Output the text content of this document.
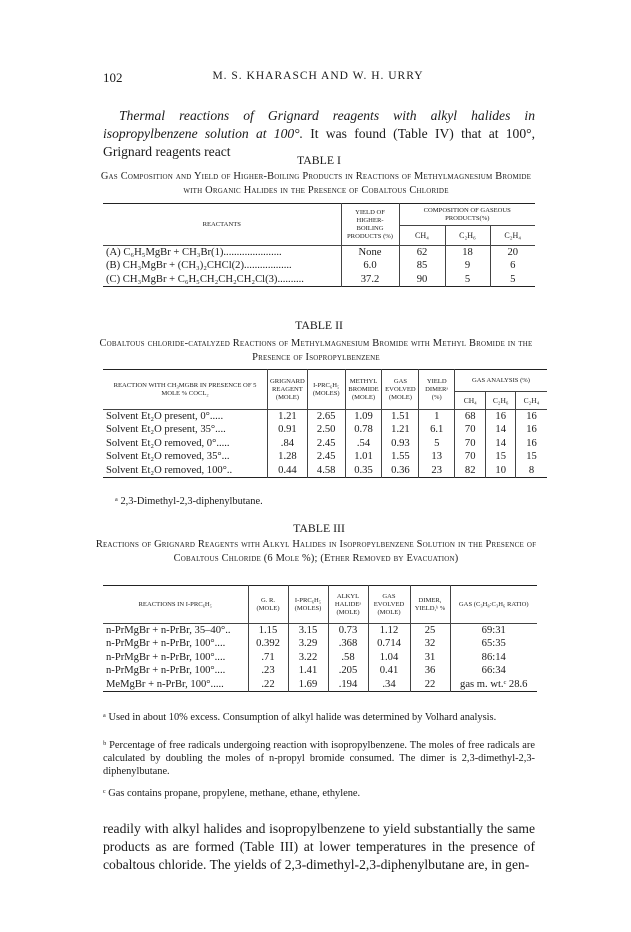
102	M. S. KHARASCH AND W. H. URRY
Thermal reactions of Grignard reagents with alkyl halides in isopropylbenzene solution at 100°. It was found (Table IV) that at 100°, Grignard reagents react
TABLE I
Gas Composition and Yield of Higher-Boiling Products in Reactions of Methylmagnesium Bromide with Organic Halides in the Presence of Cobaltous Chloride
REACTANTS	YIELD OF HIGHER-BOILING PRODUCTS (%)	COMPOSITION OF GASEOUS PRODUCTS(%)		
		CH₄	C₂H₆	C₂H₄
(A) C₆H₅MgBr + CH₃Br(1)......................	None	62	18	20
(B) CH₃MgBr + (CH₃)₂CHCl(2)..................	6.0	85	9	6
(C) CH₃MgBr + C₆H₅CH₂CH₂CH₂Cl(3)..........	37.2	90	5	5
TABLE II
Cobaltous chloride-catalyzed Reactions of Methylmagnesium Bromide with Methyl Bromide in the Presence of Isopropylbenzene
REACTION WITH CH₃MGBR IN PRESENCE OF 5 MOLE % COCL₂	GRIGNARD REAGENT (MOLE)	I-PRC₆H₅ (MOLES)	METHYL BROMIDE (MOLE)	GAS EVOLVED (MOLE)	YIELD DIMERᵃ (%)	GAS ANALYSIS (%)		
						CH₄	C₂H₆	C₂H₄
Solvent Et₂O present, 0°.....	1.21	2.65	1.09	1.51	1	68	16	16
Solvent Et₂O present, 35°....	0.91	2.50	0.78	1.21	6.1	70	14	16
Solvent Et₂O removed, 0°.....	.84	2.45	.54	0.93	5	70	14	16
Solvent Et₂O removed, 35°...	1.28	2.45	1.01	1.55	13	70	15	15
Solvent Et₂O removed, 100°..	0.44	4.58	0.35	0.36	23	82	10	8
ᵃ 2,3-Dimethyl-2,3-diphenylbutane.
TABLE III
Reactions of Grignard Reagents with Alkyl Halides in Isopropylbenzene Solution in the Presence of Cobaltous Chloride (6 Mole %); (Ether Removed by Evacuation)
REACTIONS IN I-PRC₆H₅	G. R. (MOLE)	I-PRC₆H₅ (MOLES)	ALKYL HALIDEᵃ (MOLE)	GAS EVOLVED (MOLE)	DIMER, YIELD,ᵇ %	GAS (C₃H₈:C₃H₆ RATIO)
n-PrMgBr + n-PrBr, 35–40°..	1.15	3.15	0.73	1.12	25	69:31
n-PrMgBr + n-PrBr, 100°....	0.392	3.29	.368	0.714	32	65:35
n-PrMgBr + n-PrBr, 100°....	.71	3.22	.58	1.04	31	86:14
n-PrMgBr + n-PrBr, 100°....	.23	1.41	.205	0.41	36	66:34
MeMgBr + n-PrBr, 100°.....	.22	1.69	.194	.34	22	gas m. wt.ᶜ 28.6
ᵃ Used in about 10% excess. Consumption of alkyl halide was determined by Volhard analysis.
ᵇ Percentage of free radicals undergoing reaction with isopropylbenzene. The moles of free radicals are calculated by doubling the moles of n-propyl bromide consumed. The dimer is 2,3-dimethyl-2,3-diphenylbutane.
ᶜ Gas contains propane, propylene, methane, ethane, ethylene.
readily with alkyl halides and isopropylbenzene to yield substantially the same products as are formed (Table III) at lower temperatures in the presence of cobaltous chloride. The yields of 2,3-dimethyl-2,3-diphenylbutane are, in gen-
